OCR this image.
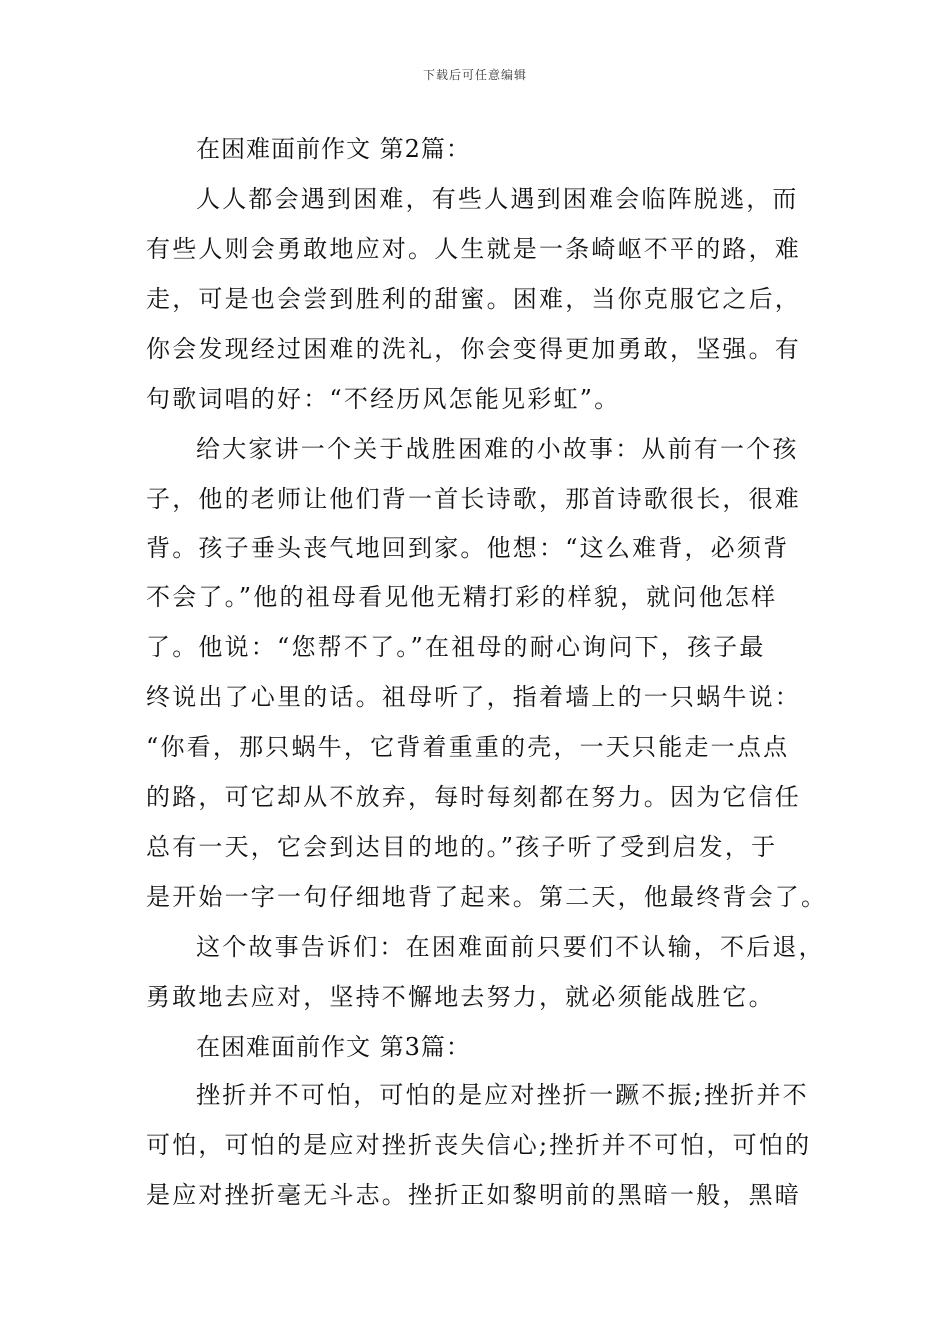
下载后可任意编辑
在困难面前作文 第2篇：
人人都会遇到困难，有些人遇到困难会临阵脱逃，而
有些人则会勇敢地应对。人生就是一条崎岖不平的路，难
走，可是也会尝到胜利的甜蜜。困难，当你克服它之后，
你会发现经过困难的洗礼，你会变得更加勇敢，坚强。有
句歌词唱的好：“不经历风怎能见彩虹”。
给大家讲一个关于战胜困难的小故事：从前有一个孩
子，他的老师让他们背一首长诗歌，那首诗歌很长，很难
背。孩子垂头丧气地回到家。他想：“这么难背，必须背
不会了。”他的祖母看见他无精打彩的样貌，就问他怎样
了。他说：“您帮不了。”在祖母的耐心询问下，孩子最
终说出了心里的话。祖母听了，指着墙上的一只蜗牛说：
“你看，那只蜗牛，它背着重重的壳，一天只能走一点点
的路，可它却从不放弃，每时每刻都在努力。因为它信任
总有一天，它会到达目的地的。”孩子听了受到启发，于
是开始一字一句仔细地背了起来。第二天，他最终背会了。
这个故事告诉们：在困难面前只要们不认输，不后退，
勇敢地去应对，坚持不懈地去努力，就必须能战胜它。
在困难面前作文 第3篇：
挫折并不可怕，可怕的是应对挫折一蹶不振;挫折并不
可怕，可怕的是应对挫折丧失信心;挫折并不可怕，可怕的
是应对挫折毫无斗志。挫折正如黎明前的黑暗一般，黑暗
